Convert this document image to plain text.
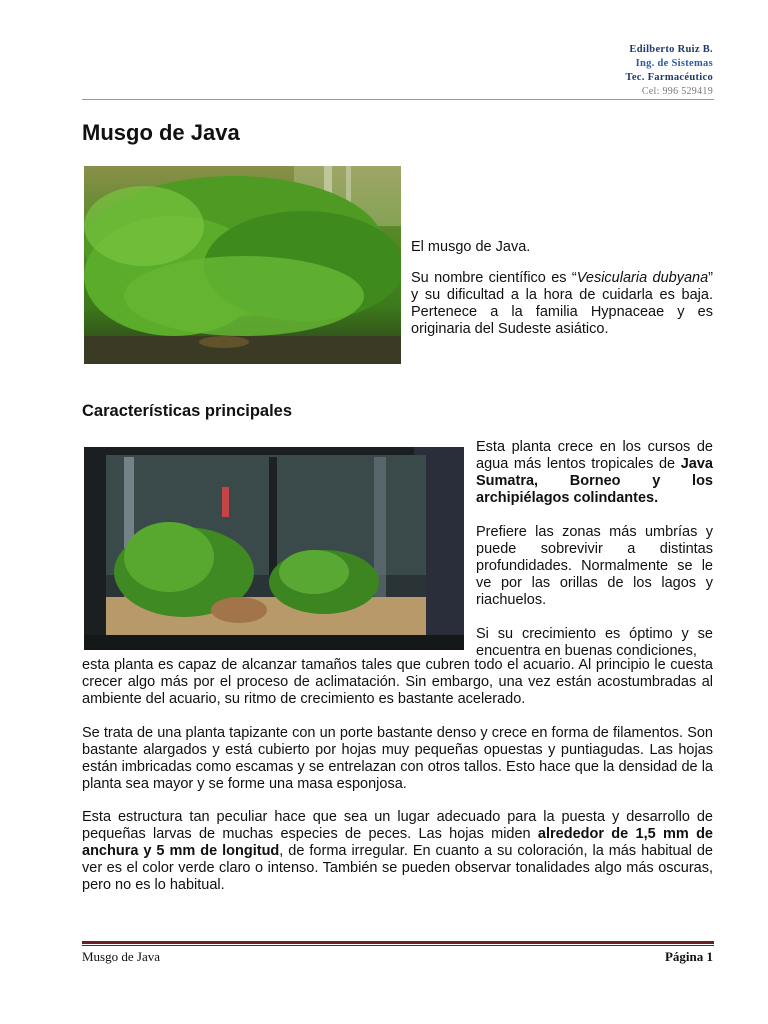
Edilberto Ruiz B.
Ing. de Sistemas
Tec. Farmacéutico
Cel: 996 529419
Musgo de Java

El musgo de Java.

Su nombre científico es “Vesicularia dubyana” y su dificultad a la hora de cuidarla es baja. Pertenece a la familia Hypnaceae y es originaria del Sudeste asiático.

Características principales

Esta planta crece en los cursos de agua más lentos tropicales de Java Sumatra, Borneo y los archipiélagos colindantes.

Prefiere las zonas más umbrías y puede sobrevivir a distintas profundidades. Normalmente se le ve por las orillas de los lagos y riachuelos.

Si su crecimiento es óptimo y se encuentra en buenas condiciones,

esta planta es capaz de alcanzar tamaños tales que cubren todo el acuario. Al principio le cuesta crecer algo más por el proceso de aclimatación. Sin embargo, una vez están acostumbradas al ambiente del acuario, su ritmo de crecimiento es bastante acelerado.

Se trata de una planta tapizante con un porte bastante denso y crece en forma de filamentos. Son bastante alargados y está cubierto por hojas muy pequeñas opuestas y puntiagudas. Las hojas están imbricadas como escamas y se entrelazan con otros tallos. Esto hace que la densidad de la planta sea mayor y se forme una masa esponjosa.

Esta estructura tan peculiar hace que sea un lugar adecuado para la puesta y desarrollo de pequeñas larvas de muchas especies de peces. Las hojas miden alrededor de 1,5 mm de anchura y 5 mm de longitud, de forma irregular. En cuanto a su coloración, la más habitual de ver es el color verde claro o intenso. También se pueden observar tonalidades algo más oscuras, pero no es lo habitual.

Musgo de Java	Página 1
